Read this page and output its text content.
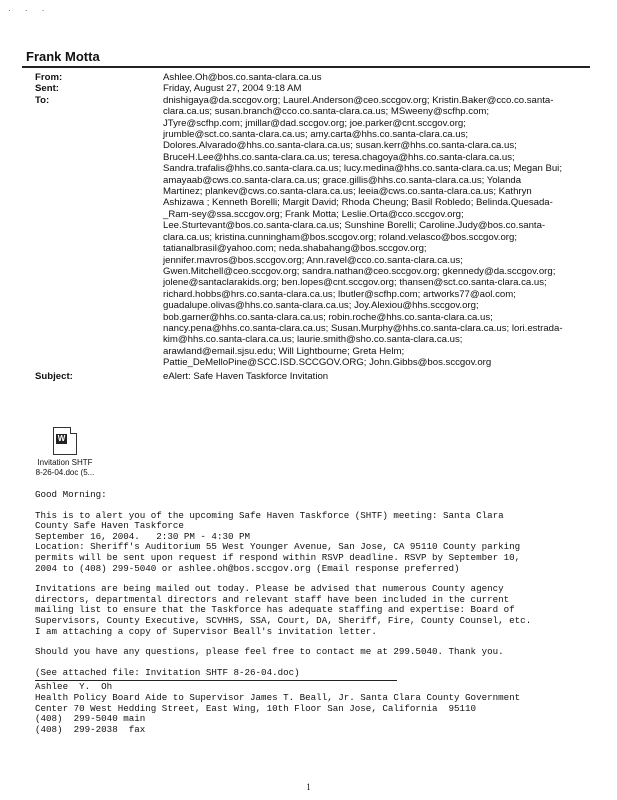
· · ·
Frank Motta
From:	Ashlee.Oh@bos.co.santa-clara.ca.us
Sent:	Friday, August 27, 2004 9:18 AM
To:	dnishigaya@da.sccgov.org; Laurel.Anderson@ceo.sccgov.org; Kristin.Baker@cco.co.santa-
clara.ca.us; susan.branch@cco.co.santa-clara.ca.us; MSweeny@scfhp.com;
JTyre@scfhp.com; jmillar@dad.sccgov.org; joe.parker@cnt.sccgov.org;
jrumble@sct.co.santa-clara.ca.us; amy.carta@hhs.co.santa-clara.ca.us;
Dolores.Alvarado@hhs.co.santa-clara.ca.us; susan.kerr@hhs.co.santa-clara.ca.us;
BruceH.Lee@hhs.co.santa-clara.ca.us; teresa.chagoya@hhs.co.santa-clara.ca.us;
Sandra.trafalis@hhs.co.santa-clara.ca.us; lucy.medina@hhs.co.santa-clara.ca.us; Megan Bui;
amayaab@cws.co.santa-clara.ca.us; grace.gillis@hhs.co.santa-clara.ca.us; Yolanda
Martinez; plankev@cws.co.santa-clara.ca.us; leeia@cws.co.santa-clara.ca.us; Kathryn
Ashizawa ; Kenneth Borelli; Margit David; Rhoda Cheung; Basil Robledo; Belinda.Quesada-
_Ram-sey@ssa.sccgov.org; Frank Motta; Leslie.Orta@cco.sccgov.org;
Lee.Sturtevant@bos.co.santa-clara.ca.us; Sunshine Borelli; Caroline.Judy@bos.co.santa-
clara.ca.us; kristina.cunningham@bos.sccgov.org; roland.velasco@bos.sccgov.org;
tatianalbrasil@yahoo.com; neda.shabahang@bos.sccgov.org;
jennifer.mavros@bos.sccgov.org; Ann.ravel@cco.co.santa-clara.ca.us;
Gwen.Mitchell@ceo.sccgov.org; sandra.nathan@ceo.sccgov.org; gkennedy@da.sccgov.org;
jolene@santaclarakids.org; ben.lopes@cnt.sccgov.org; thansen@sct.co.santa-clara.ca.us;
richard.hobbs@hrs.co.santa-clara.ca.us; lbutler@scfhp.com; artworks77@aol.com;
guadalupe.olivas@hhs.co.santa-clara.ca.us; Joy.Alexiou@hhs.sccgov.org;
bob.garner@hhs.co.santa-clara.ca.us; robin.roche@hhs.co.santa-clara.ca.us;
nancy.pena@hhs.co.santa-clara.ca.us; Susan.Murphy@hhs.co.santa-clara.ca.us; lori.estrada-
kim@hhs.co.santa-clara.ca.us; laurie.smith@sho.co.santa-clara.ca.us;
arawland@email.sjsu.edu; Will Lightbourne; Greta Helm;
Pattie_DeMelloPine@SCC.ISD.SCCGOV.ORG; John.Gibbs@bos.sccgov.org
Subject:	eAlert: Safe Haven Taskforce Invitation
W
Invitation SHTF
8-26-04.doc (5...

Good Morning:

This is to alert you of the upcoming Safe Haven Taskforce (SHTF) meeting: Santa Clara

County Safe Haven Taskforce

September 16, 2004.   2:30 PM - 4:30 PM

Location: Sheriff's Auditorium 55 West Younger Avenue, San Jose, CA 95110 County parking

permits will be sent upon request if respond within RSVP deadline. RSVP by September 10,

2004 to (408) 299-5040 or ashlee.oh@bos.sccgov.org (Email response preferred)

Invitations are being mailed out today. Please be advised that numerous County agency

directors, departmental directors and relevant staff have been included in the current

mailing list to ensure that the Taskforce has adequate staffing and expertise: Board of

Supervisors, County Executive, SCVHHS, SSA, Court, DA, Sheriff, Fire, County Counsel, etc.

I am attaching a copy of Supervisor Beall's invitation letter.

Should you have any questions, please feel free to contact me at 299.5040. Thank you.

(See attached file: Invitation SHTF 8-26-04.doc)

Ashlee  Y.  Oh

Health Policy Board Aide to Supervisor James T. Beall, Jr. Santa Clara County Government

Center 70 West Hedding Street, East Wing, 10th Floor San Jose, California  95110

(408)  299-5040 main

(408)  299-2038  fax

1
